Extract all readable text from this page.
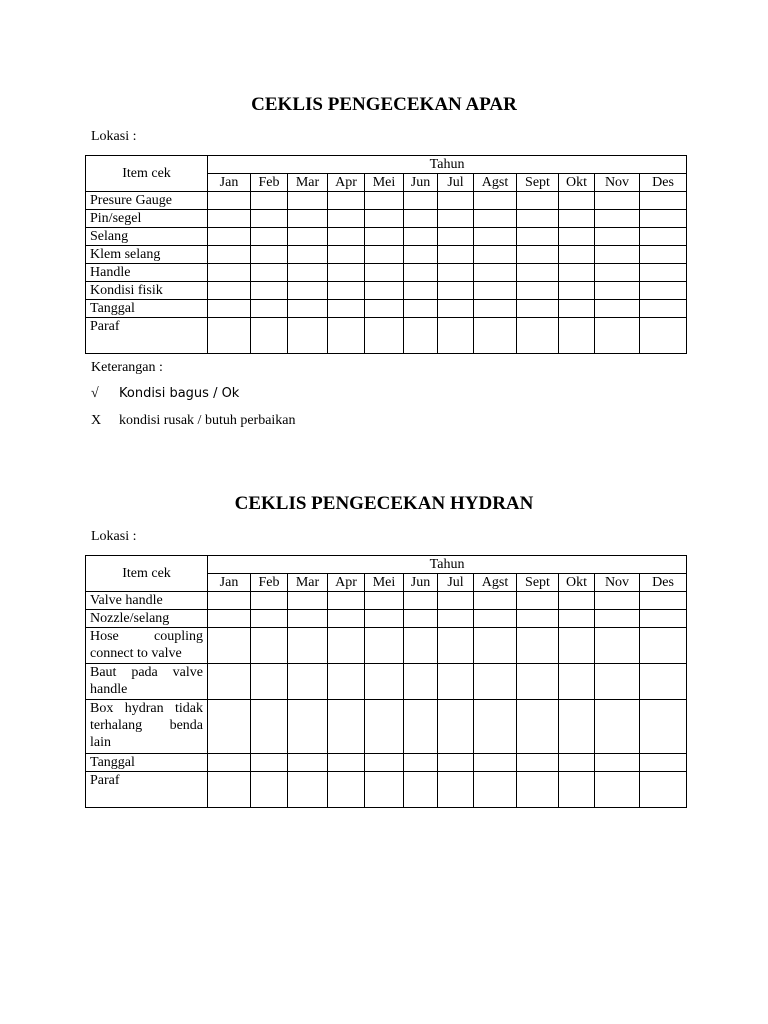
CEKLIS PENGECEKAN APAR
Lokasi :
Item cek	Tahun											
	Jan	Feb	Mar	Apr	Mei	Jun	Jul	Agst	Sept	Okt	Nov	Des
Presure Gauge												
Pin/segel												
Selang												
Klem selang												
Handle												
Kondisi fisik												
Tanggal												
Paraf												
Keterangan :
√ Kondisi bagus / Ok
X kondisi rusak / butuh perbaikan
CEKLIS PENGECEKAN HYDRAN
Lokasi :
Item cek	Tahun											
	Jan	Feb	Mar	Apr	Mei	Jun	Jul	Agst	Sept	Okt	Nov	Des
Valve handle												
Nozzle/selang												
Hose coupling connect to valve												
Baut pada valve handle												
Box hydran tidak terhalang benda lain												
Tanggal												
Paraf												
